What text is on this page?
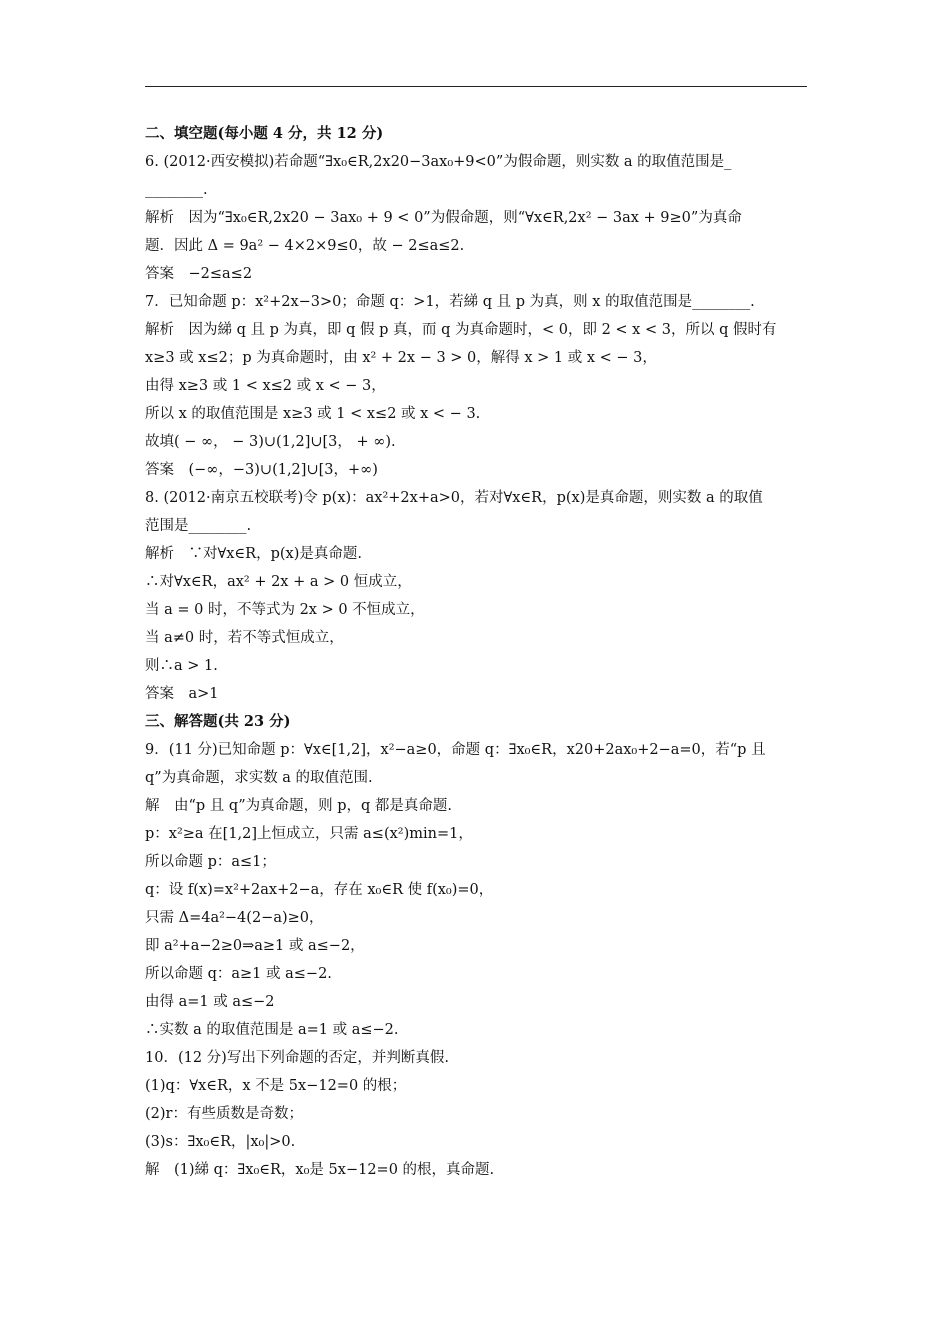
二、填空题(每小题 4 分，共 12 分)
6. (2012·西安模拟)若命题“∃x₀∈R,2x20−3ax₀+9<0”为假命题，则实数 a 的取值范围是_
________.
解析　因为“∃x₀∈R,2x20 − 3ax₀ + 9 < 0”为假命题，则“∀x∈R,2x² − 3ax + 9≥0”为真命
题．因此 Δ = 9a² − 4×2×9≤0，故 − 2≤a≤2.
答案　−2≤a≤2
7．已知命题 p：x²+2x−3>0；命题 q：>1，若綈 q 且 p 为真，则 x 的取值范围是________.
解析　因为綈 q 且 p 为真，即 q 假 p 真，而 q 为真命题时，< 0，即 2 < x < 3，所以 q 假时有
x≥3 或 x≤2；p 为真命题时，由 x² + 2x − 3 > 0，解得 x > 1 或 x < − 3，
由得 x≥3 或 1 < x≤2 或 x < − 3，
所以 x 的取值范围是 x≥3 或 1 < x≤2 或 x < − 3.
故填( − ∞， − 3)∪(1,2]∪[3， + ∞).
答案　(−∞，−3)∪(1,2]∪[3，+∞)
8. (2012·南京五校联考)令 p(x)：ax²+2x+a>0，若对∀x∈R，p(x)是真命题，则实数 a 的取值
范围是________.
解析　∵对∀x∈R，p(x)是真命题.
∴对∀x∈R，ax² + 2x + a > 0 恒成立，
当 a = 0 时，不等式为 2x > 0 不恒成立，
当 a≠0 时，若不等式恒成立，
则∴a > 1.
答案　a>1
三、解答题(共 23 分)
9．(11 分)已知命题 p：∀x∈[1,2]，x²−a≥0，命题 q：∃x₀∈R，x20+2ax₀+2−a=0，若“p 且
q”为真命题，求实数 a 的取值范围.
解　由“p 且 q”为真命题，则 p，q 都是真命题.
p：x²≥a 在[1,2]上恒成立，只需 a≤(x²)min=1，
所以命题 p：a≤1；
q：设 f(x)=x²+2ax+2−a，存在 x₀∈R 使 f(x₀)=0，
只需 Δ=4a²−4(2−a)≥0，
即 a²+a−2≥0⇒a≥1 或 a≤−2，
所以命题 q：a≥1 或 a≤−2.
由得 a=1 或 a≤−2
∴实数 a 的取值范围是 a=1 或 a≤−2.
10．(12 分)写出下列命题的否定，并判断真假.
(1)q：∀x∈R，x 不是 5x−12=0 的根；
(2)r：有些质数是奇数；
(3)s：∃x₀∈R，|x₀|>0.
解　(1)綈 q：∃x₀∈R，x₀是 5x−12=0 的根，真命题.
